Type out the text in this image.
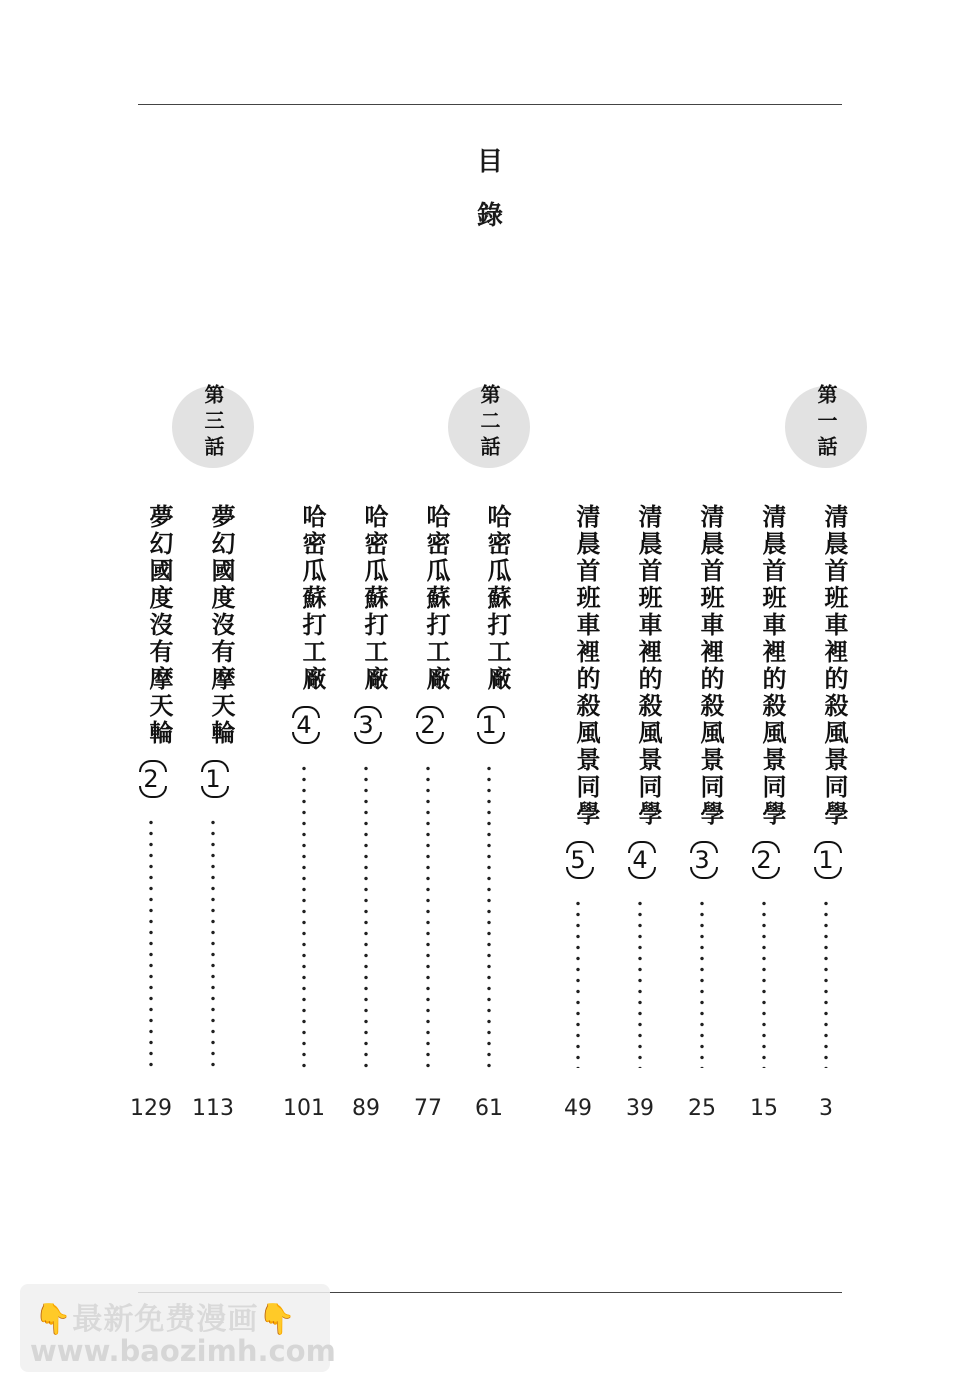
目
錄
第一話
第二話
第三話
清晨首班車裡的殺風景同學
1
3
清晨首班車裡的殺風景同學
2
15
清晨首班車裡的殺風景同學
3
25
清晨首班車裡的殺風景同學
4
39
清晨首班車裡的殺風景同學
5
49
哈密瓜蘇打工廠
1
61
哈密瓜蘇打工廠
2
77
哈密瓜蘇打工廠
3
89
哈密瓜蘇打工廠
4
101
夢幻國度沒有摩天輪
1
113
夢幻國度沒有摩天輪
2
129
👇最新免费漫画👇
www.baozimh.com
